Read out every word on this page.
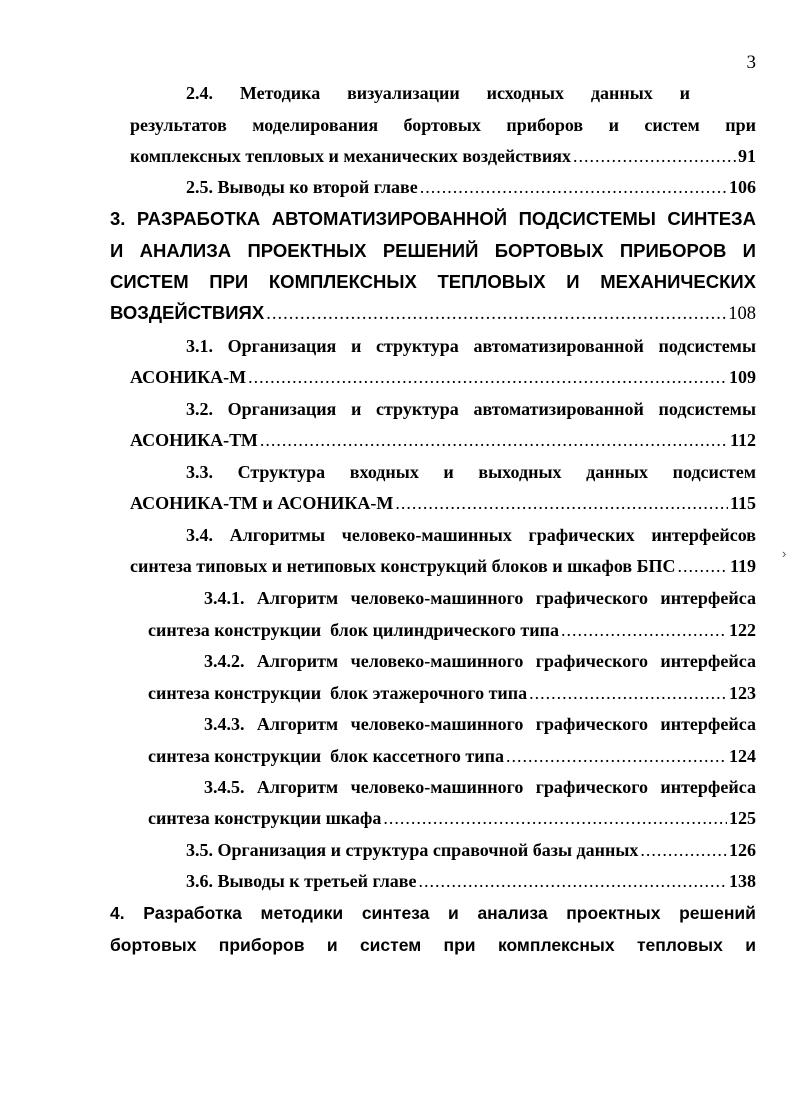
3
2.4. Методика визуализации исходных данных и
результатов моделирования бортовых приборов и систем при
комплексных тепловых и механических воздействиях .....	91
2.5. Выводы ко второй главе .....	106
3. РАЗРАБОТКА АВТОМАТИЗИРОВАННОЙ ПОДСИСТЕМЫ СИНТЕЗА
И АНАЛИЗА ПРОЕКТНЫХ РЕШЕНИЙ БОРТОВЫХ ПРИБОРОВ И
СИСТЕМ ПРИ КОМПЛЕКСНЫХ ТЕПЛОВЫХ И МЕХАНИЧЕСКИХ
ВОЗДЕЙСТВИЯХ .....	108
3.1. Организация и структура автоматизированной подсистемы
АСОНИКА-М .....	109
3.2. Организация и структура автоматизированной подсистемы
АСОНИКА-ТМ .....	112
3.3. Структура входных и выходных данных подсистем
АСОНИКА-ТМ и АСОНИКА-М .....	115
3.4. Алгоритмы человеко-машинных графических интерфейсов
синтеза типовых и нетиповых конструкций блоков и шкафов БПС .....	119
3.4.1. Алгоритм человеко-машинного графического интерфейса
синтеза конструкции  блок цилиндрического типа .....	122
3.4.2. Алгоритм человеко-машинного графического интерфейса
синтеза конструкции  блок этажерочного типа .....	123
3.4.3. Алгоритм человеко-машинного графического интерфейса
синтеза конструкции  блок кассетного типа .....	124
3.4.5. Алгоритм человеко-машинного графического интерфейса
синтеза конструкции шкафа .....	125
3.5. Организация и структура справочной базы данных .....	126
3.6. Выводы к третьей главе .....	138
4. Разработка методики синтеза и анализа проектных решений
бортовых приборов и систем при комплексных тепловых и
›
